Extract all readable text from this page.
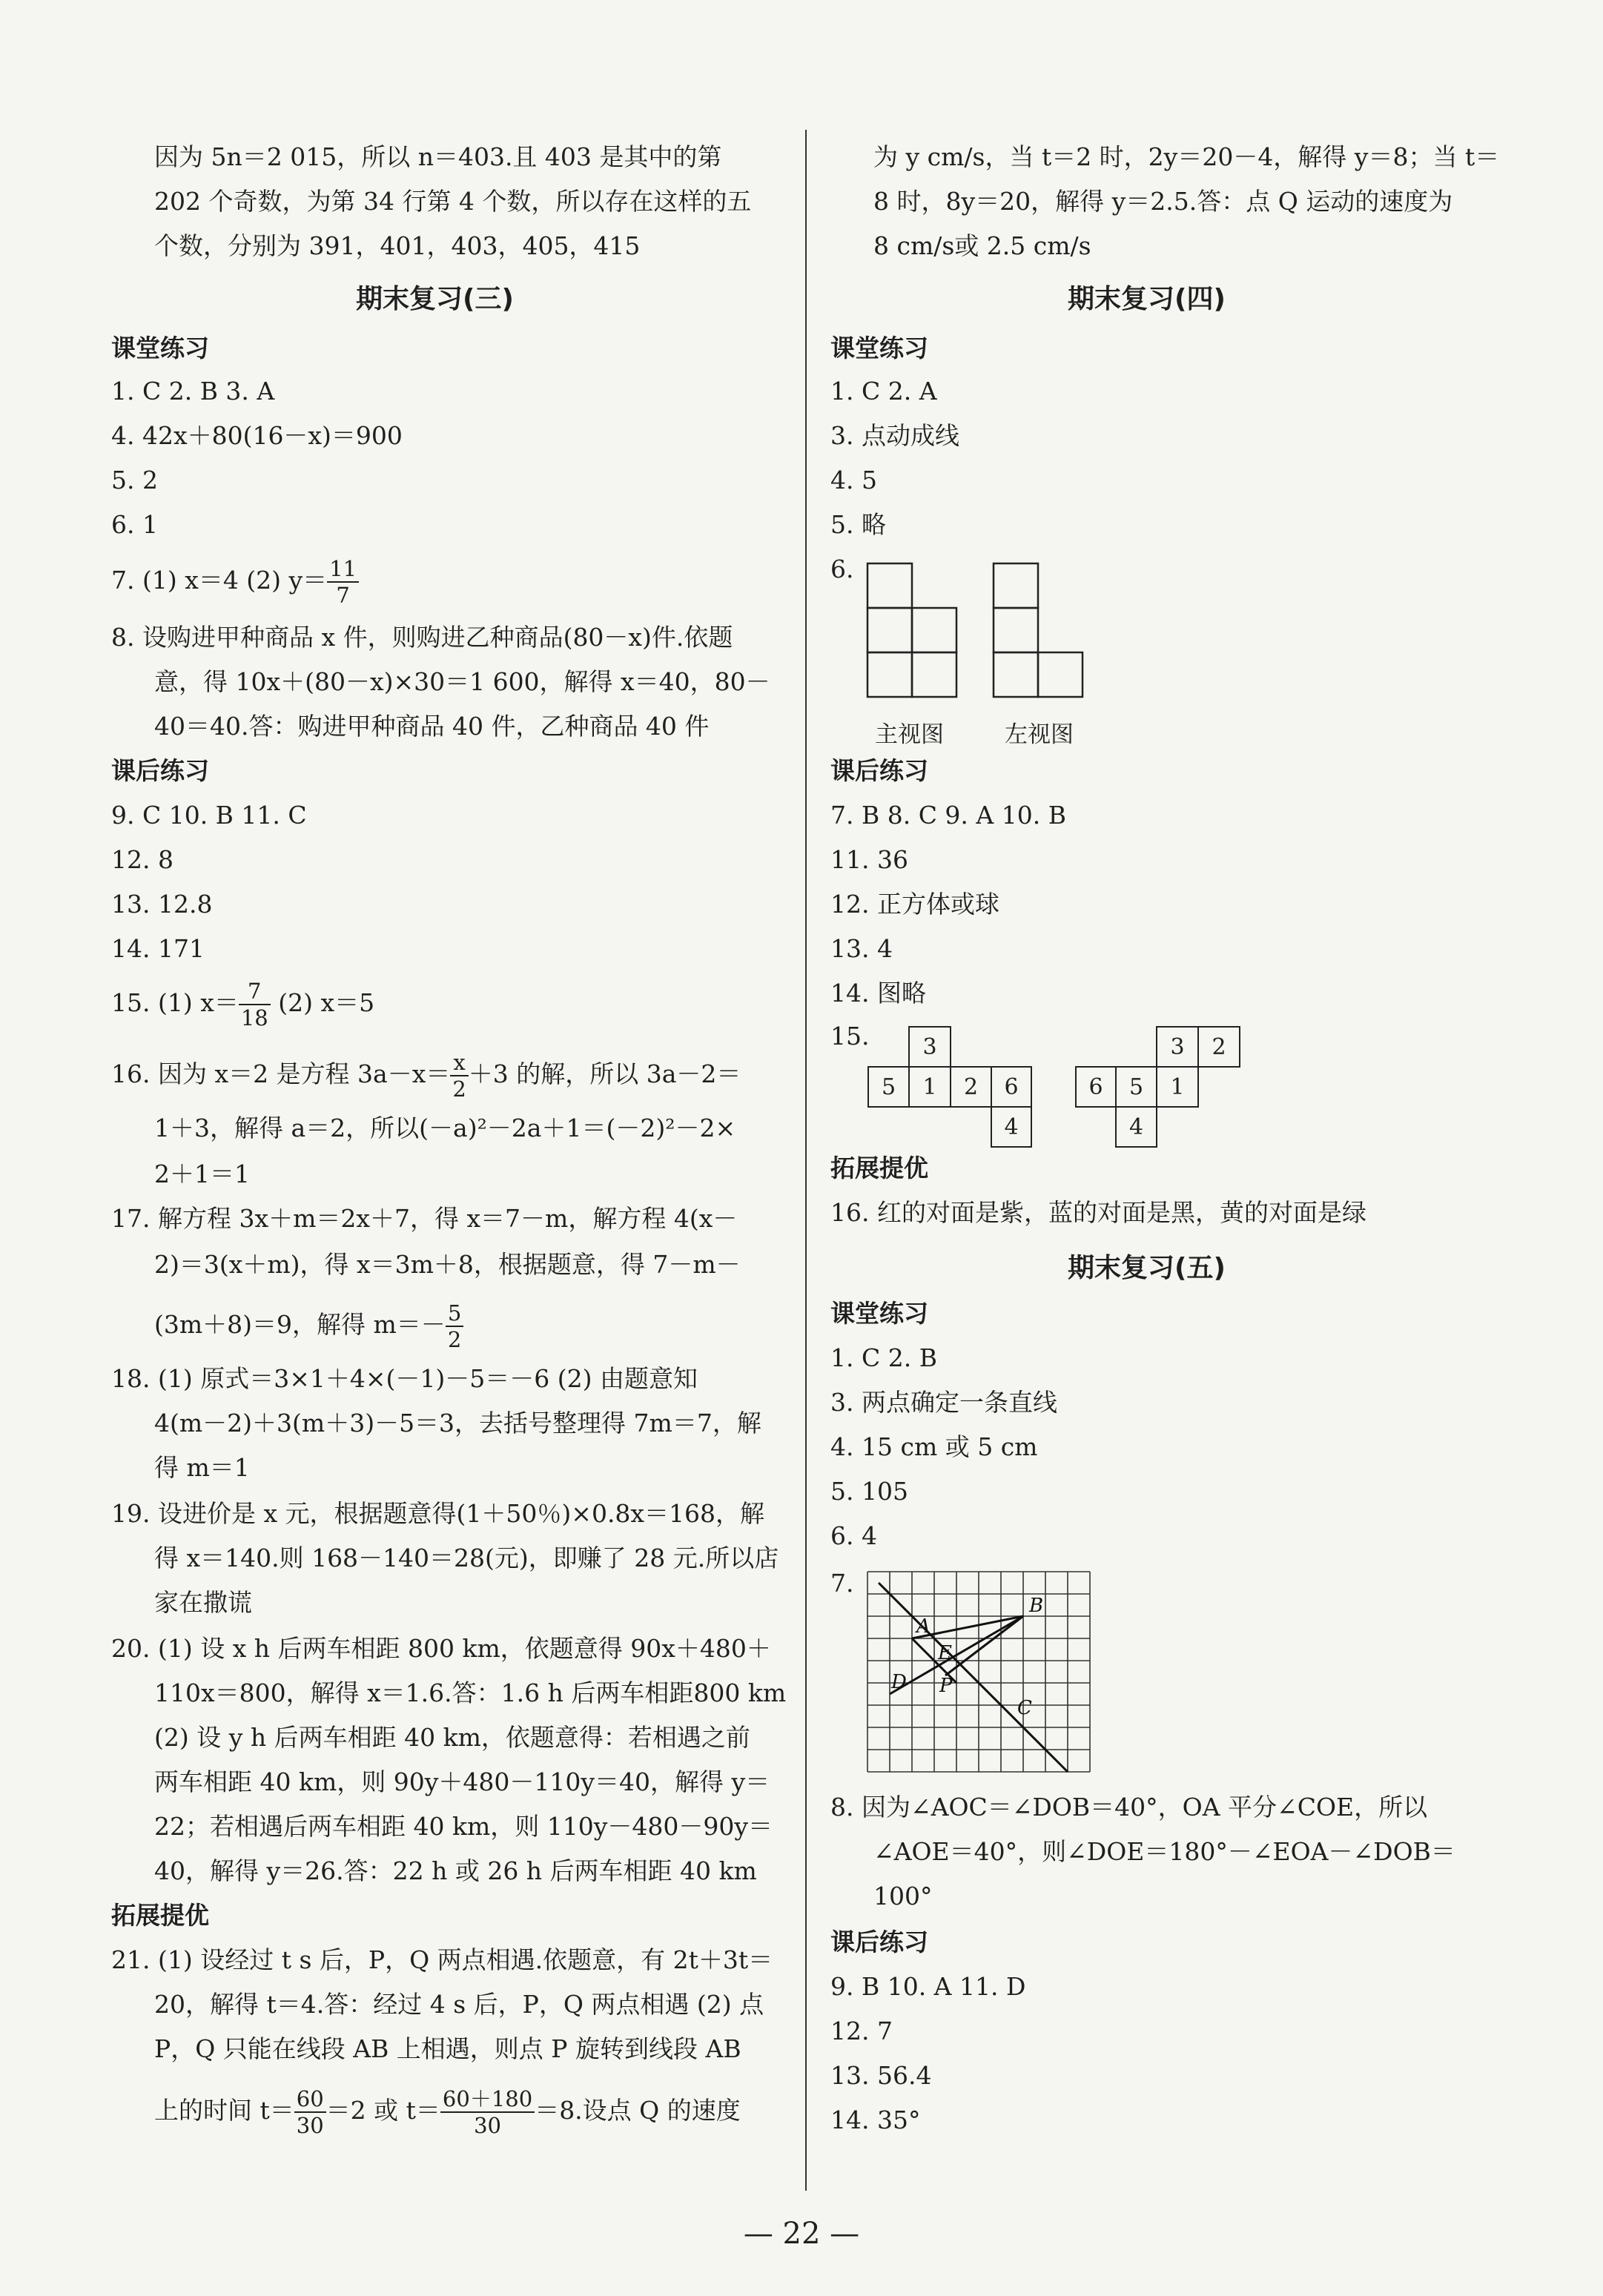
因为 5n＝2 015，所以 n＝403.且 403 是其中的第
202 个奇数，为第 34 行第 4 个数，所以存在这样的五
个数，分别为 391，401，403，405，415
期末复习(三)
课堂练习
1. C 2. B 3. A
4. 42x＋80(16－x)＝900
5. 2
6. 1
7. (1) x＝4 (2) $y= \frac{11}{7}$
8. 设购进甲种商品 x 件，则购进乙种商品(80－x)件.依题
意，得 10x＋(80－x)×30＝1 600，解得 x＝40，80－
40＝40.答：购进甲种商品 40 件，乙种商品 40 件
课后练习
9. C 10. B 11. C
12. 8
13. 12.8
14. 171
15. (1) $x= \frac{7}{18} (2)$ x＝5
16. 因为 x＝2 是方程 $3a-x= \frac{x}{2} +3$ 的解，所以 3a－2＝
1＋3，解得 a＝2，所以(－a)²－2a＋1＝(－2)²－2×
2＋1＝1
17. 解方程 3x＋m＝2x＋7，得 x＝7－m，解方程 4(x－
2)＝3(x＋m)，得 x＝3m＋8，根据题意，得 7－m－
(3m＋8)＝9，解得 $m=- \frac{5}{2}$
18. (1) 原式＝3×1＋4×(－1)－5＝－6 (2) 由题意知
4(m－2)＋3(m＋3)－5＝3，去括号整理得 7m＝7，解
得 m＝1
19. 设进价是 x 元，根据题意得(1＋50％)×0.8x＝168，解
得 x＝140.则 168－140＝28(元)，即赚了 28 元.所以店
家在撒谎
20. (1) 设 x h 后两车相距 800 km，依题意得 90x＋480＋
110x＝800，解得 x＝1.6.答：1.6 h 后两车相距800 km
(2) 设 y h 后两车相距 40 km，依题意得：若相遇之前
两车相距 40 km，则 90y＋480－110y＝40，解得 y＝
22；若相遇后两车相距 40 km，则 110y－480－90y＝
40，解得 y＝26.答：22 h 或 26 h 后两车相距 40 km
拓展提优
21. (1) 设经过 t s 后，P，Q 两点相遇.依题意，有 2t＋3t＝
20，解得 t＝4.答：经过 4 s 后，P，Q 两点相遇 (2) 点
P，Q 只能在线段 AB 上相遇，则点 P 旋转到线段 AB
上的时间 $t= \frac{60}{30} =2$ 或 $t= \frac{60+180}{30} =8$.设点 Q 的速度
为 y cm/s，当 t＝2 时，2y＝20－4，解得 y＝8；当 t＝
8 时，8y＝20，解得 y＝2.5.答：点 Q 运动的速度为
8 cm/s或 2.5 cm/s
期末复习(四)
课堂练习
1. C 2. A
3. 点动成线
4. 5
5. 略
6.
主视图	左视图
课后练习
7. B 8. C 9. A 10. B
11. 36
12. 正方体或球
13. 4
14. 图略
15.
	3		
5	1	2	6
			4
		3	2
6	5	1	
	4		
拓展提优
16. 红的对面是紫，蓝的对面是黑，黄的对面是绿
期末复习(五)
课堂练习
1. C 2. B
3. 两点确定一条直线
4. 15 cm 或 5 cm
5. 105
6. 4
7.
A
B
C
D
E
P
8. 因为∠AOC＝∠DOB＝40°，OA 平分∠COE，所以
∠AOE＝40°，则∠DOE＝180°－∠EOA－∠DOB＝
100°
课后练习
9. B 10. A 11. D
12. 7
13. 56.4
14. 35°
— 22 —
